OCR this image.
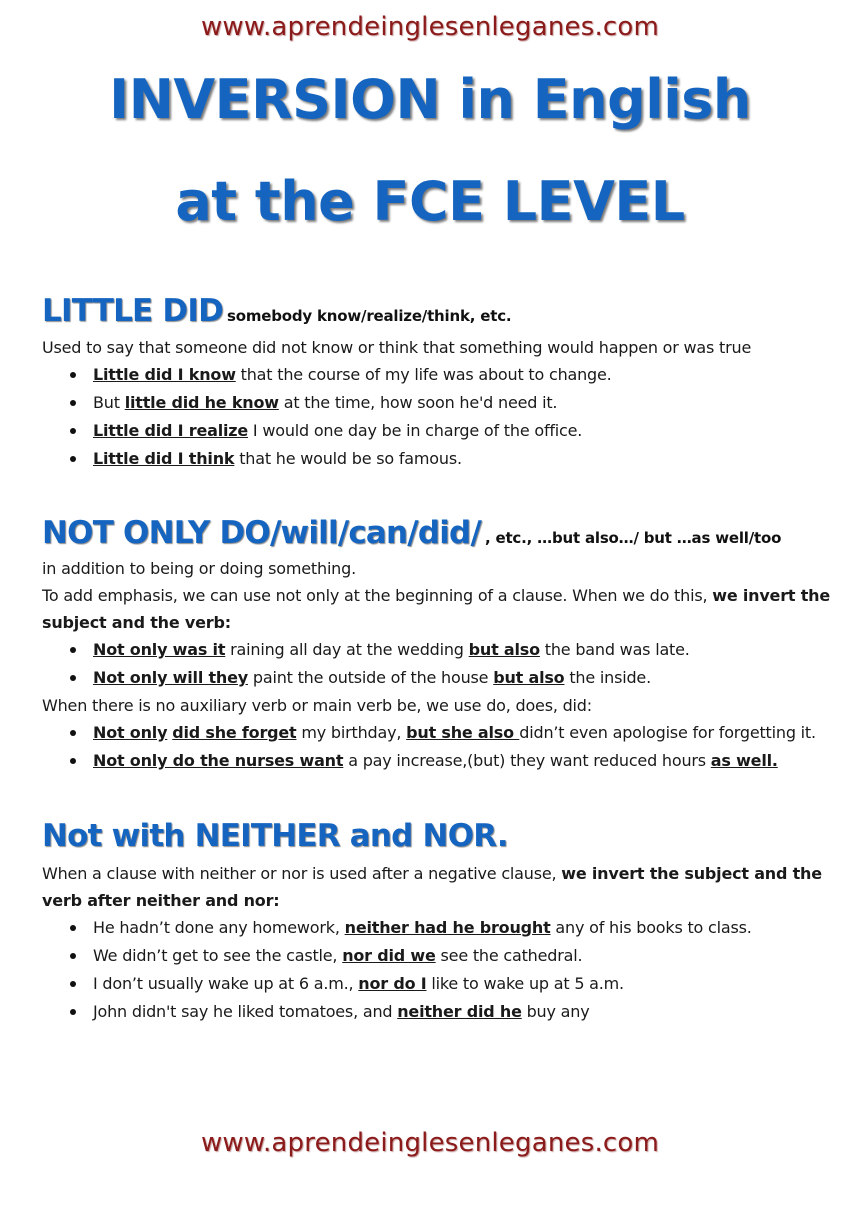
www.aprendeinglesenleganes.com
INVERSION in English
at the FCE LEVEL
LITTLE DID somebody know/realize/think, etc.

Used to say that someone did not know or think that something would happen or was true

Little did I know that the course of my life was about to change.
But little did he know at the time, how soon he'd need it.
Little did I realize I would one day be in charge of the office.
Little did I think that he would be so famous.
NOT ONLY DO/will/can/did/ , etc., …but also…/ but …as well/too

in addition to being or doing something.

To add emphasis, we can use not only at the beginning of a clause. When we do this, we invert the subject and the verb:

Not only was it raining all day at the wedding but also the band was late.
Not only will they paint the outside of the house but also the inside.

When there is no auxiliary verb or main verb be, we use do, does, did:

Not only did she forget my birthday, but she also didn’t even apologise for forgetting it.
Not only do the nurses want a pay increase,(but) they want reduced hours as well.
Not with NEITHER and NOR.

When a clause with neither or nor is used after a negative clause, we invert the subject and the verb after neither and nor:

He hadn’t done any homework, neither had he brought any of his books to class.
We didn’t get to see the castle, nor did we see the cathedral.
I don’t usually wake up at 6 a.m., nor do I like to wake up at 5 a.m.
John didn't say he liked tomatoes, and neither did he buy any
www.aprendeinglesenleganes.com
